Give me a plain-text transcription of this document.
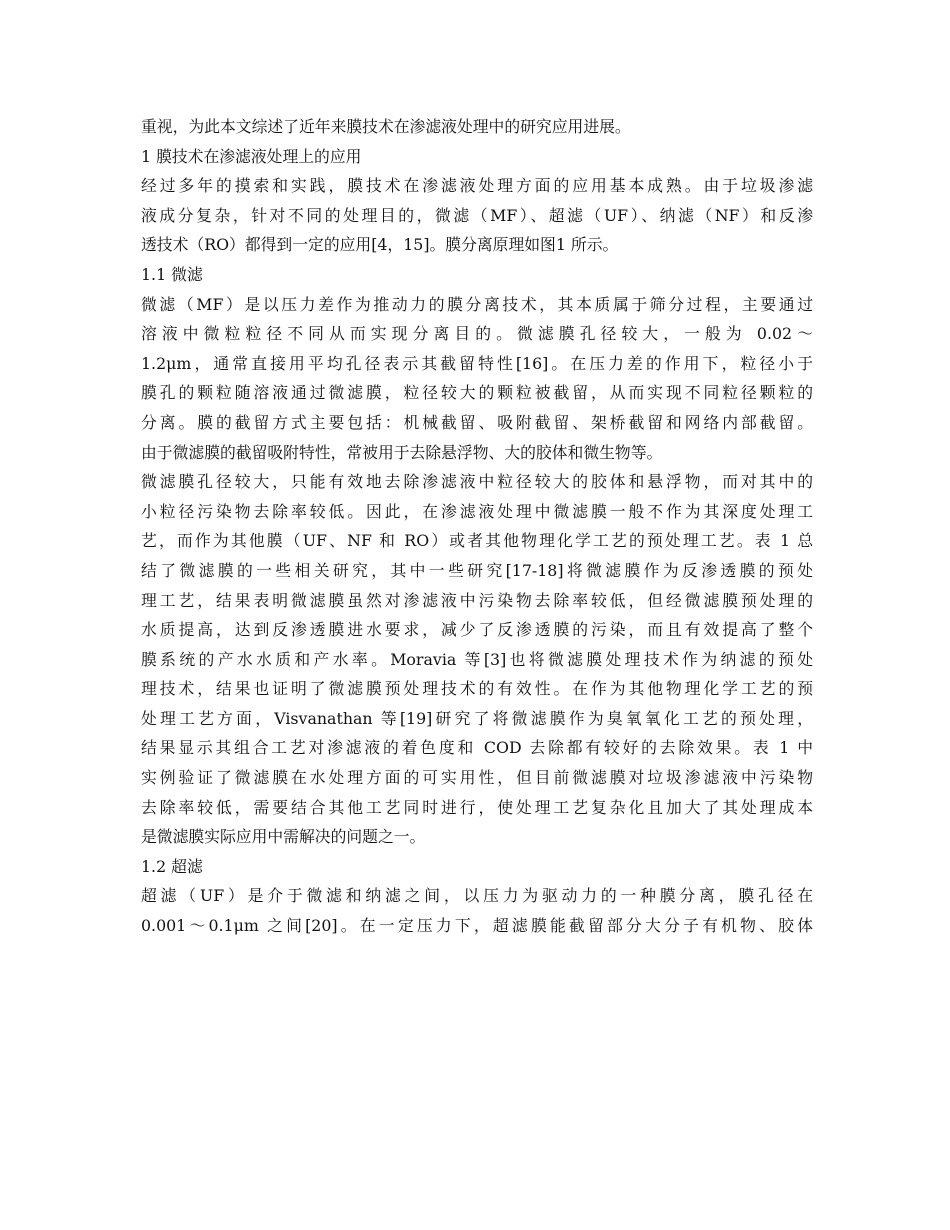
重视，为此本文综述了近年来膜技术在渗滤液处理中的研究应用进展。
1 膜技术在渗滤液处理上的应用
经过多年的摸索和实践，膜技术在渗滤液处理方面的应用基本成熟。由于垃圾渗滤
液成分复杂，针对不同的处理目的，微滤（MF）、超滤（UF）、纳滤（NF）和反渗
透技术（RO）都得到一定的应用[4，15]。膜分离原理如图1 所示。
1.1 微滤
微滤（MF）是以压力差作为推动力的膜分离技术，其本质属于筛分过程，主要通过
溶液中微粒粒径不同从而实现分离目的。微滤膜孔径较大，一般为 0.02～
1.2μm，通常直接用平均孔径表示其截留特性[16]。在压力差的作用下，粒径小于
膜孔的颗粒随溶液通过微滤膜，粒径较大的颗粒被截留，从而实现不同粒径颗粒的
分离。膜的截留方式主要包括：机械截留、吸附截留、架桥截留和网络内部截留。
由于微滤膜的截留吸附特性，常被用于去除悬浮物、大的胶体和微生物等。
微滤膜孔径较大，只能有效地去除渗滤液中粒径较大的胶体和悬浮物，而对其中的
小粒径污染物去除率较低。因此，在渗滤液处理中微滤膜一般不作为其深度处理工
艺，而作为其他膜（UF、NF 和 RO）或者其他物理化学工艺的预处理工艺。表 1 总
结了微滤膜的一些相关研究，其中一些研究[17-18]将微滤膜作为反渗透膜的预处
理工艺，结果表明微滤膜虽然对渗滤液中污染物去除率较低，但经微滤膜预处理的
水质提高，达到反渗透膜进水要求，减少了反渗透膜的污染，而且有效提高了整个
膜系统的产水水质和产水率。Moravia 等[3]也将微滤膜处理技术作为纳滤的预处
理技术，结果也证明了微滤膜预处理技术的有效性。在作为其他物理化学工艺的预
处理工艺方面，Visvanathan 等[19]研究了将微滤膜作为臭氧氧化工艺的预处理，
结果显示其组合工艺对渗滤液的着色度和 COD 去除都有较好的去除效果。表 1 中
实例验证了微滤膜在水处理方面的可实用性，但目前微滤膜对垃圾渗滤液中污染物
去除率较低，需要结合其他工艺同时进行，使处理工艺复杂化且加大了其处理成本
是微滤膜实际应用中需解决的问题之一。
1.2 超滤
超滤（UF）是介于微滤和纳滤之间，以压力为驱动力的一种膜分离，膜孔径在
0.001～0.1μm 之间[20]。在一定压力下，超滤膜能截留部分大分子有机物、胶体
